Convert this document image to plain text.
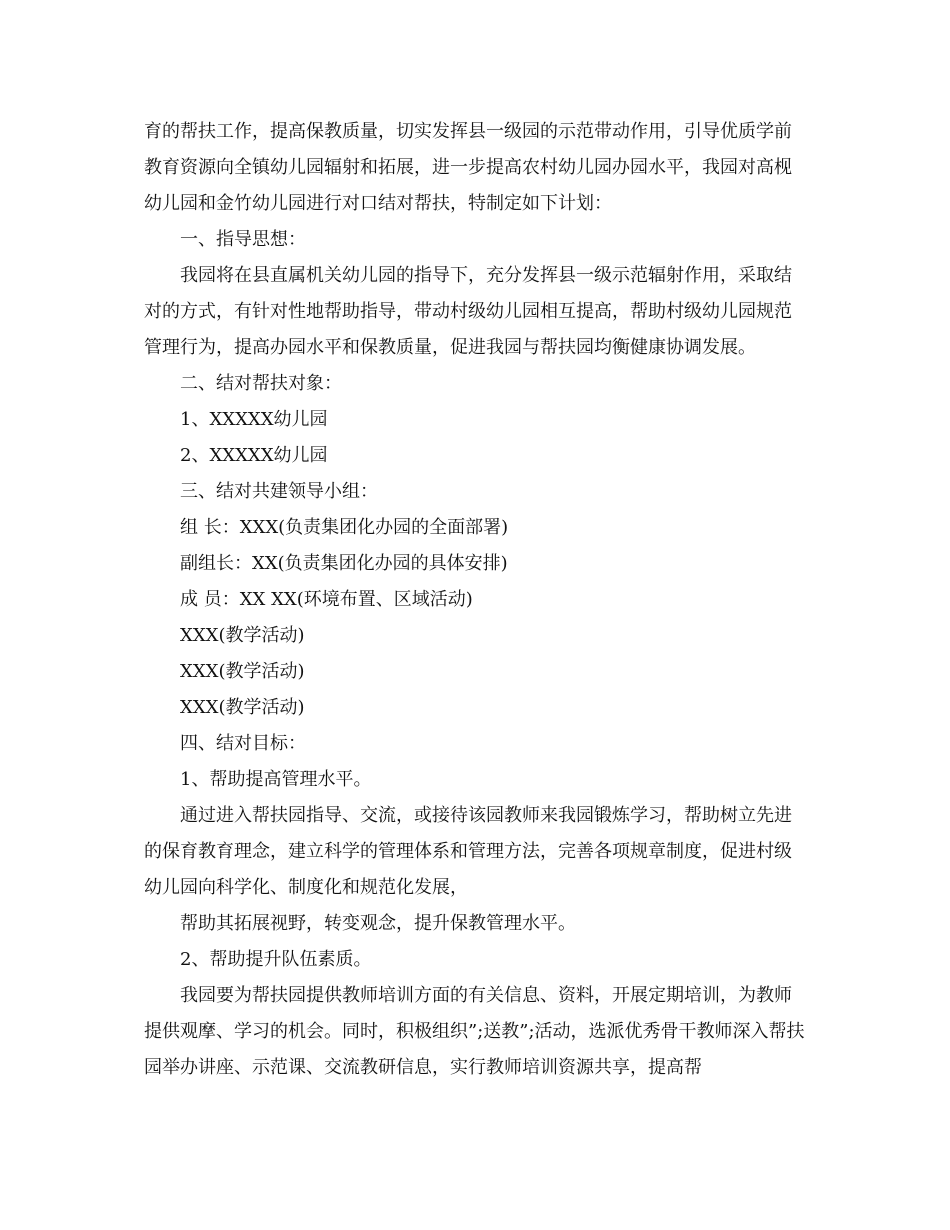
育的帮扶工作，提高保教质量，切实发挥县一级园的示范带动作用，引导优质学前教育资源向全镇幼儿园辐射和拓展，进一步提高农村幼儿园办园水平，我园对高枧幼儿园和金竹幼儿园进行对口结对帮扶，特制定如下计划：

一、指导思想：

我园将在县直属机关幼儿园的指导下，充分发挥县一级示范辐射作用，采取结对的方式，有针对性地帮助指导，带动村级幼儿园相互提高，帮助村级幼儿园规范管理行为，提高办园水平和保教质量，促进我园与帮扶园均衡健康协调发展。

二、结对帮扶对象：

1、XXXXX幼儿园

2、XXXXX幼儿园

三、结对共建领导小组：

组 长：XXX(负责集团化办园的全面部署)

副组长：XX(负责集团化办园的具体安排)

成 员：XX XX(环境布置、区域活动)

XXX(教学活动)

XXX(教学活动)

XXX(教学活动)

四、结对目标：

1、帮助提高管理水平。

通过进入帮扶园指导、交流，或接待该园教师来我园锻炼学习，帮助树立先进的保育教育理念，建立科学的管理体系和管理方法，完善各项规章制度，促进村级幼儿园向科学化、制度化和规范化发展，

帮助其拓展视野，转变观念，提升保教管理水平。

2、帮助提升队伍素质。

我园要为帮扶园提供教师培训方面的有关信息、资料，开展定期培训，为教师提供观摩、学习的机会。同时，积极组织”;送教”;活动，选派优秀骨干教师深入帮扶园举办讲座、示范课、交流教研信息，实行教师培训资源共享，提高帮
